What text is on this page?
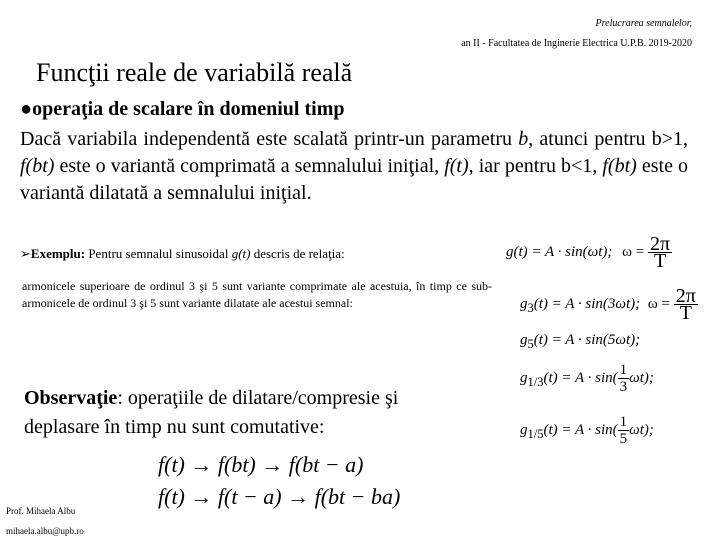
Prelucrarea semnalelor,
an II - Facultatea de Inginerie Electrica U.P.B. 2019-2020
Funcţii reale de variabilă reală
●operaţia de scalare în domeniul timp
Dacă variabila independentă este scalată printr-un parametru b, atunci pentru b>1, f(bt) este o variantă comprimată a semnalului iniţial, f(t), iar pentru b<1, f(bt) este o variantă dilatată a semnalului iniţial.
➢Exemplu: Pentru semnalul sinusoidal g(t) descris de relaţia:
armonicele superioare de ordinul 3 şi 5 sunt variante comprimate ale acestuia, în timp ce sub-armonicele de ordinul 3 şi 5 sunt variante dilatate ale acestui semnal:
Observaţie: operaţiile de dilatare/compresie şi deplasare în timp nu sunt comutative:
g(t) = A · sin(ωt); $\omega = \frac{2\pi}{T}$
$g_3(t) = A \cdot \sin(3\omega t)$; $\omega = \frac{2\pi}{T}$
$g_5(t) = A \cdot \sin(5\omega t)$;
$g_{1/3}(t) = A \cdot \sin( \frac{1}{3} \omega t)$;
$g_{1/5}(t) = A \cdot \sin( \frac{1}{5} \omega t)$;
f(t) → f(bt) → f(bt − a)
f(t) → f(t − a) → f(bt − ba)
Prof. Mihaela Albu
mihaela.albu@upb.ro
